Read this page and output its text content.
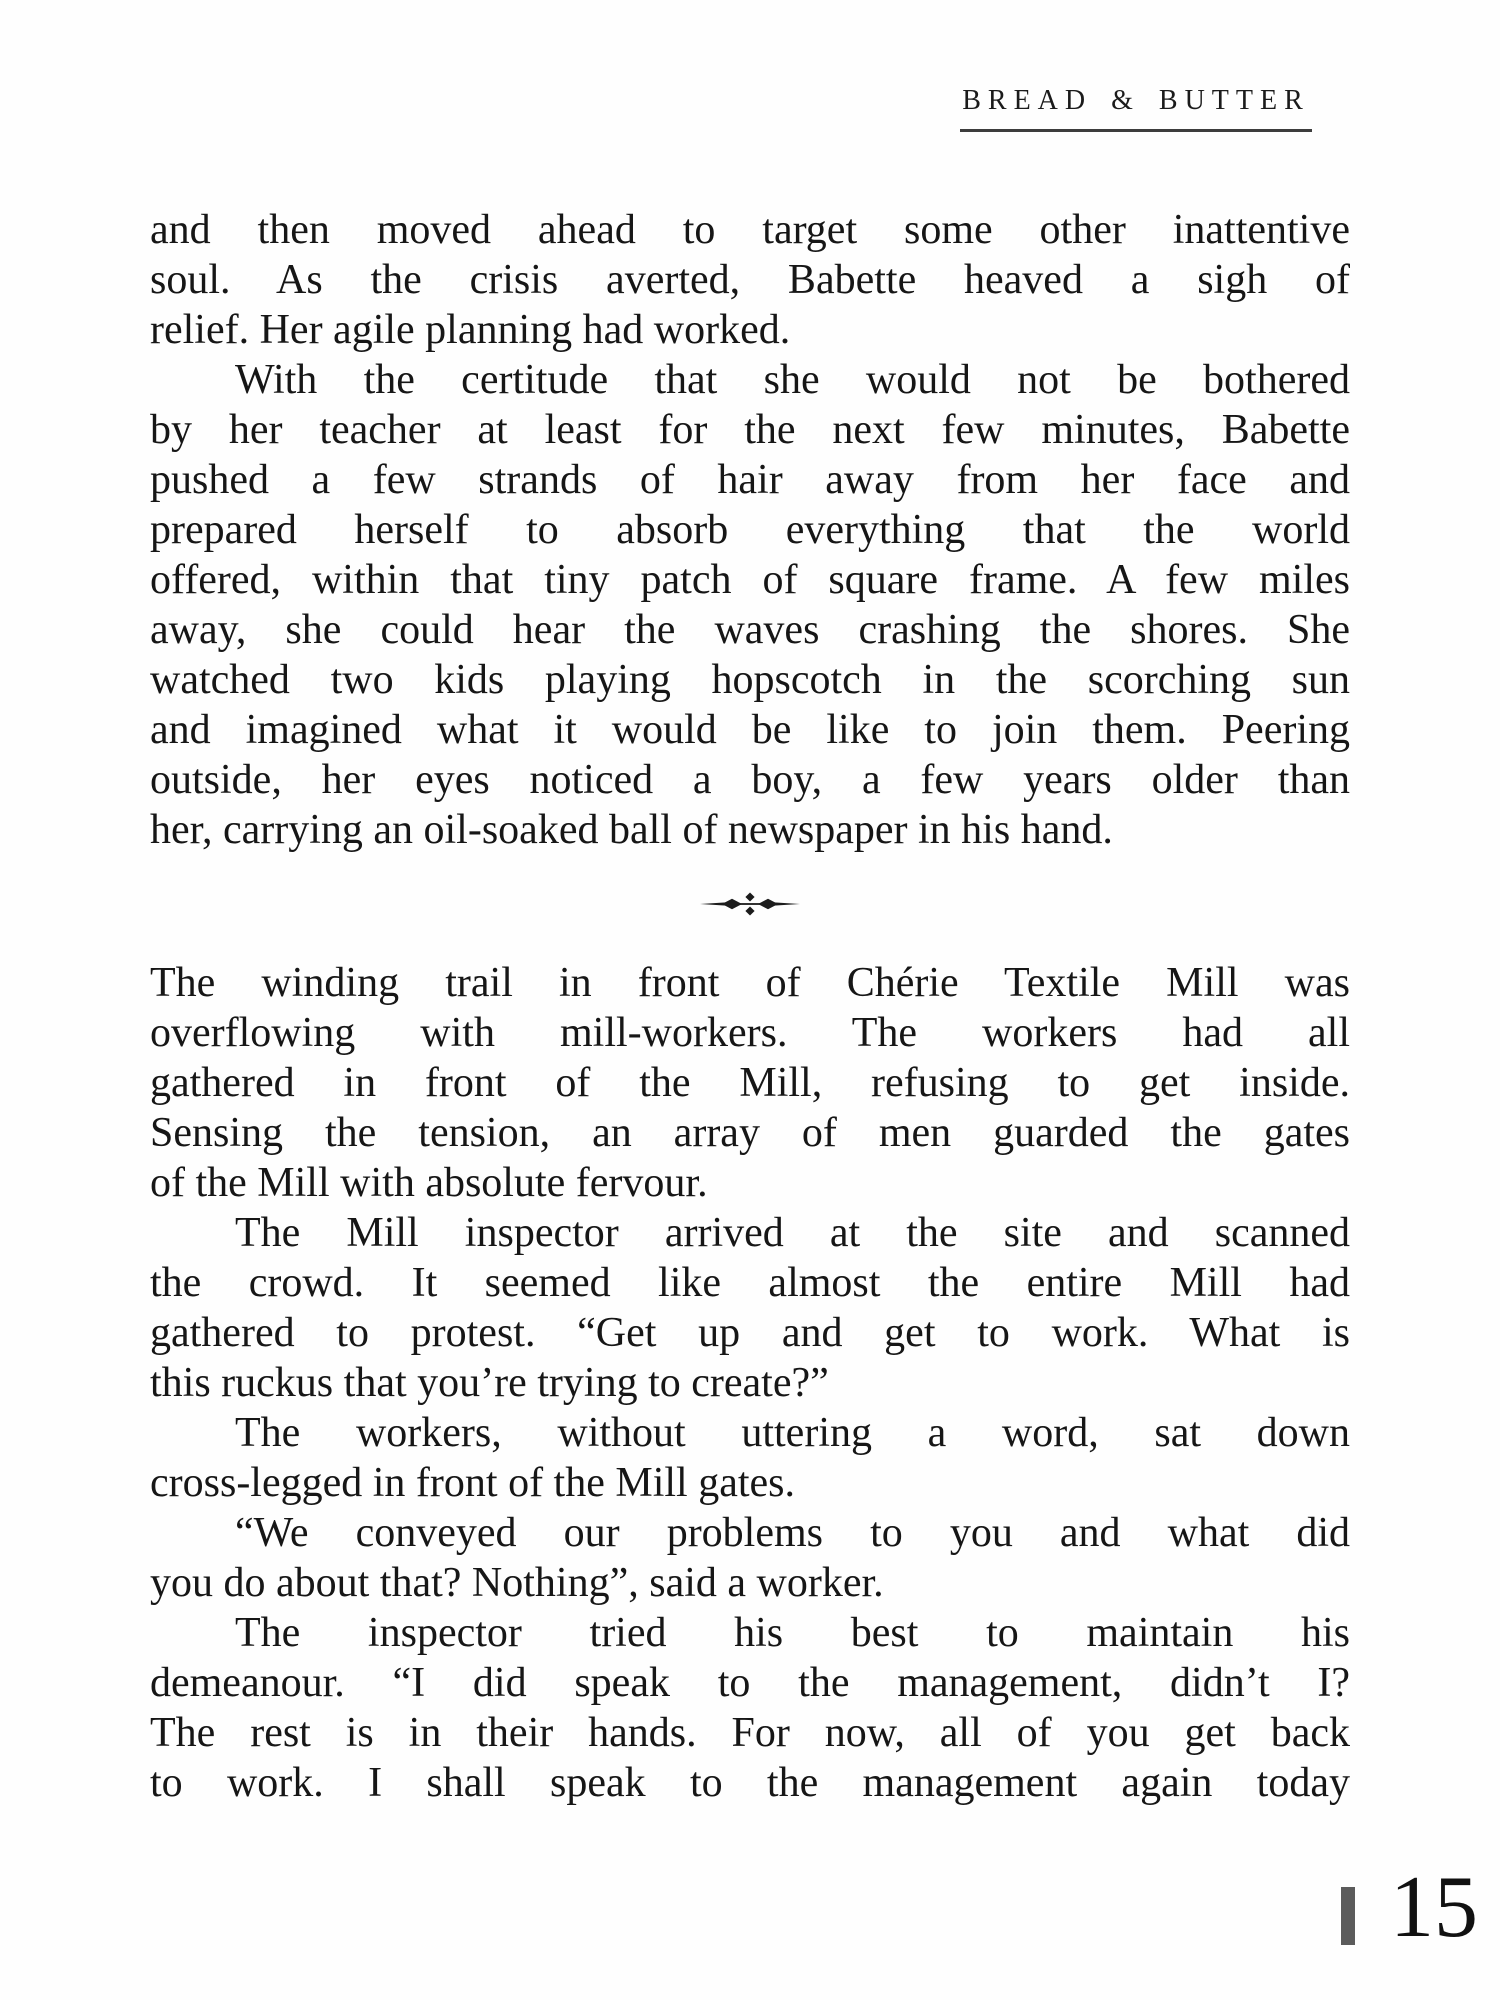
BREAD & BUTTER
and then moved ahead to target some other inattentive
soul. As the crisis averted, Babette heaved a sigh of
relief. Her agile planning had worked.
With the certitude that she would not be bothered
by her teacher at least for the next few minutes, Babette
pushed a few strands of hair away from her face and
prepared herself to absorb everything that the world
offered, within that tiny patch of square frame. A few miles
away, she could hear the waves crashing the shores. She
watched two kids playing hopscotch in the scorching sun
and imagined what it would be like to join them. Peering
outside, her eyes noticed a boy, a few years older than
her, carrying an oil-soaked ball of newspaper in his hand.
The winding trail in front of Chérie Textile Mill was
overflowing with mill-workers. The workers had all
gathered in front of the Mill, refusing to get inside.
Sensing the tension, an array of men guarded the gates
of the Mill with absolute fervour.
The Mill inspector arrived at the site and scanned
the crowd. It seemed like almost the entire Mill had
gathered to protest. “Get up and get to work. What is
this ruckus that you’re trying to create?”
The workers, without uttering a word, sat down
cross-legged in front of the Mill gates.
“We conveyed our problems to you and what did
you do about that? Nothing”, said a worker.
The inspector tried his best to maintain his
demeanour. “I did speak to the management, didn’t I?
The rest is in their hands. For now, all of you get back
to work. I shall speak to the management again today
15
